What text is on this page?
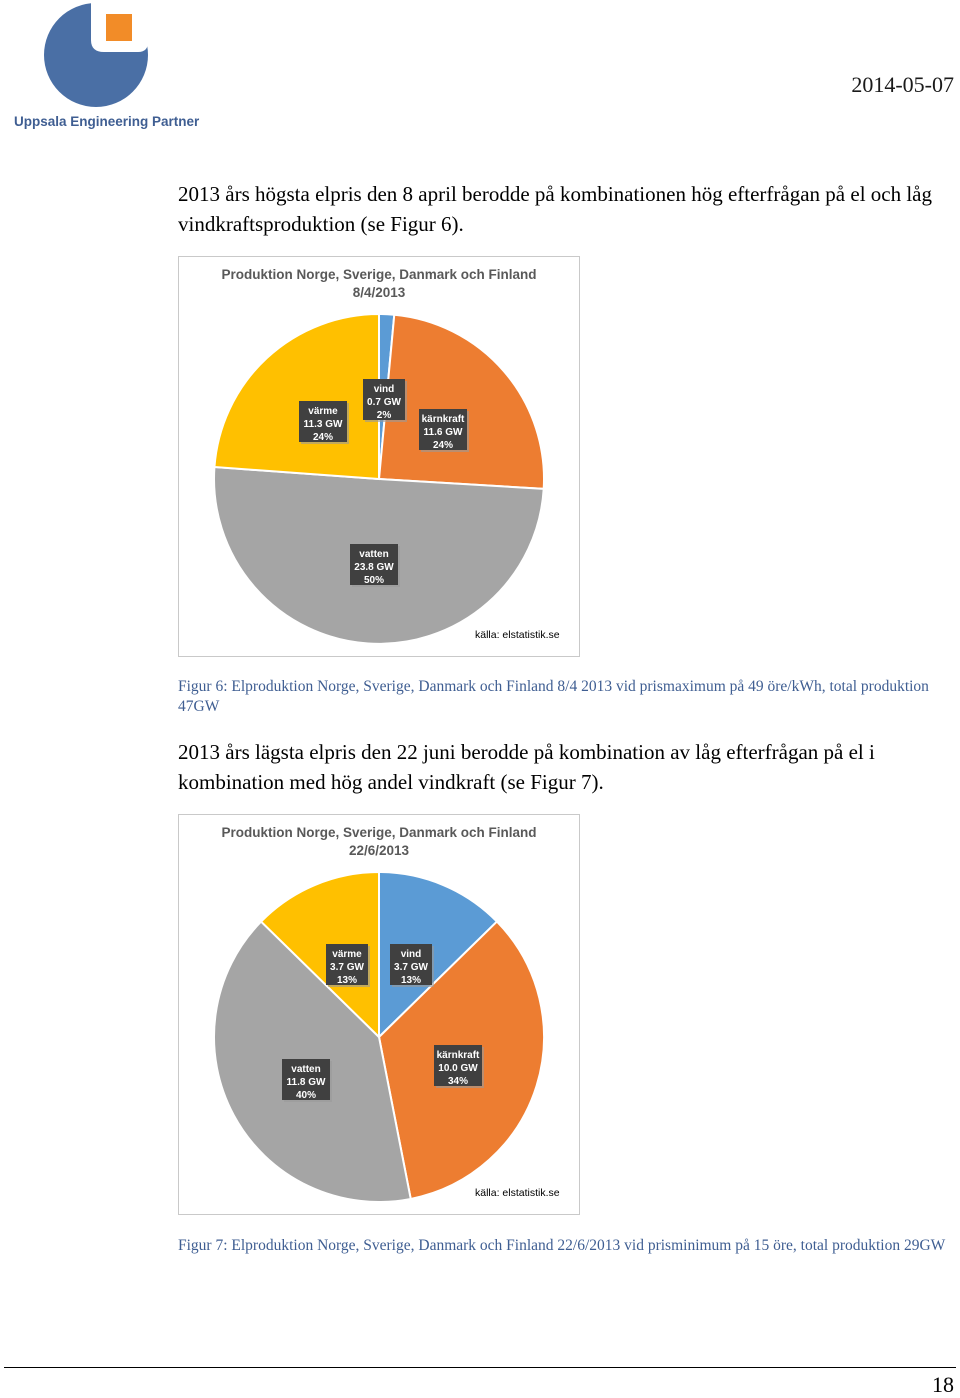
Uppsala Engineering Partner
2014-05-07
2013 års högsta elpris den 8 april berodde på kombinationen hög efterfrågan på el och låg vindkraftsproduktion (se Figur 6).
Produktion Norge, Sverige, Danmark och Finland
8/4/2013
vind
0.7 GW
2%	kärnkraft
11.6 GW
24%
vatten
23.8 GW
50%
värme
11.3 GW
24%
källa: elstatistik.se
Figur 6: Elproduktion Norge, Sverige, Danmark och Finland 8/4 2013 vid prismaximum på 49 öre/kWh, total produktion 47GW
2013 års lägsta elpris den 22 juni berodde på kombination av låg efterfrågan på el i kombination med hög andel vindkraft (se Figur 7).
Produktion Norge, Sverige, Danmark och Finland
22/6/2013
vind
3.7 GW
13%
kärnkraft
10.0 GW
34%
vatten
11.8 GW
40%
värme
3.7 GW
13%
källa: elstatistik.se
Figur 7: Elproduktion Norge, Sverige, Danmark och Finland 22/6/2013 vid prisminimum på 15 öre, total produktion 29GW
18
